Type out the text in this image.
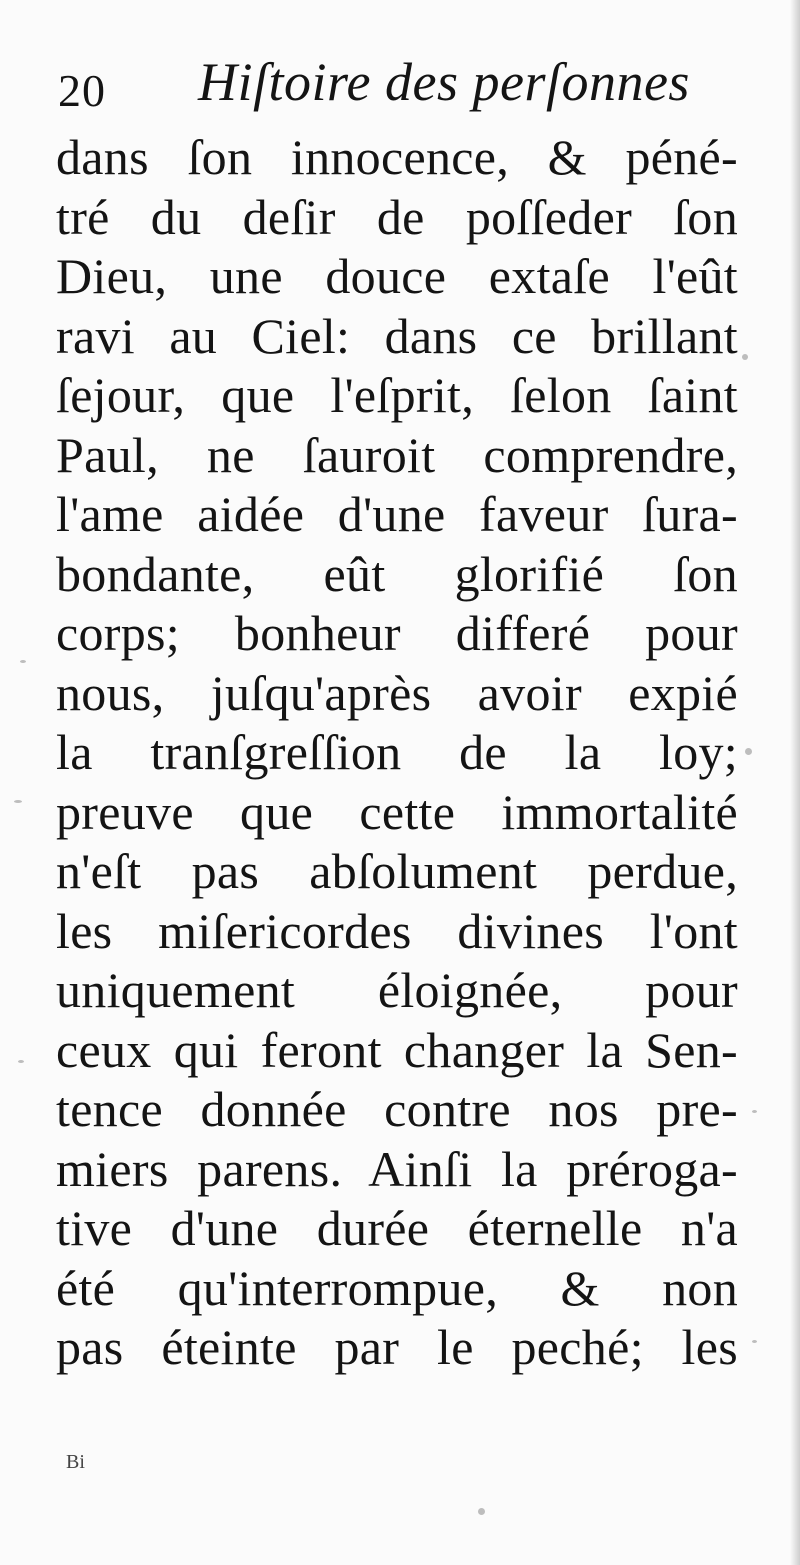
20 Hiſtoire des perſonnes
dans ſon innocence, & péné-
tré du deſir de poſſeder ſon
Dieu, une douce extaſe l'eût
ravi au Ciel: dans ce brillant
ſejour, que l'eſprit, ſelon ſaint
Paul, ne ſauroit comprendre,
l'ame aidée d'une faveur ſura-
bondante, eût glorifié ſon
corps; bonheur differé pour
nous, juſqu'après avoir expié
la tranſgreſſion de la loy;
preuve que cette immortalité
n'eſt pas abſolument perdue,
les miſericordes divines l'ont
uniquement éloignée, pour
ceux qui feront changer la Sen-
tence donnée contre nos pre-
miers parens. Ainſi la préroga-
tive d'une durée éternelle n'a
été qu'interrompue, & non
pas éteinte par le peché; les
Bi
